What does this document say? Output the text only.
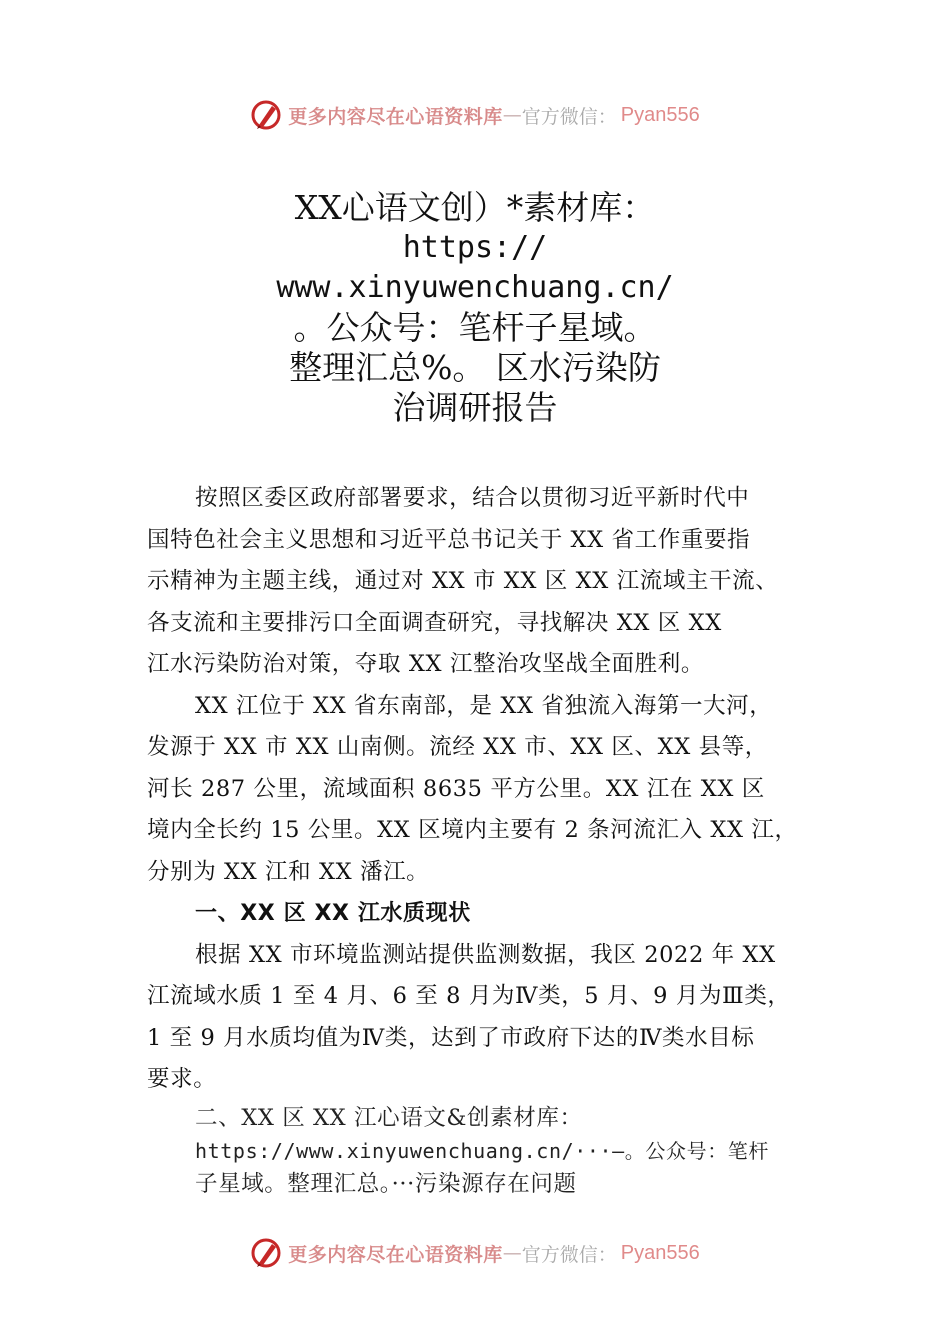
更多内容尽在心语资料库 — 官方微信： Pyan556
XX心语文创）*素材库：
https://
www.xinyuwenchuang.cn/
。公众号：笔杆子星域。
整理汇总%。 区水污染防
治调研报告

按照区委区政府部署要求，结合以贯彻习近平新时代中
国特色社会主义思想和习近平总书记关于 XX 省工作重要指
示精神为主题主线，通过对 XX 市 XX 区 XX 江流域主干流、
各支流和主要排污口全面调查研究，寻找解决 XX 区 XX
江水污染防治对策，夺取 XX 江整治攻坚战全面胜利。

XX 江位于 XX 省东南部，是 XX 省独流入海第一大河，
发源于 XX 市 XX 山南侧。流经 XX 市、XX 区、XX 县等，
河长 287 公里，流域面积 8635 平方公里。XX 江在 XX 区
境内全长约 15 公里。XX 区境内主要有 2 条河流汇入 XX 江，
分别为 XX 江和 XX 潘江。

一、XX 区 XX 江水质现状

根据 XX 市环境监测站提供监测数据，我区 2022 年 XX
江流域水质 1 至 4 月、6 至 8 月为Ⅳ类，5 月、9 月为Ⅲ类，
1 至 9 月水质均值为Ⅳ类，达到了市政府下达的Ⅳ类水目标
要求。

二、XX 区 XX 江心语文&创素材库：
https://www.xinyuwenchuang.cn/···—。公众号：笔杆
子星域。整理汇总。···污染源存在问题
更多内容尽在心语资料库 — 官方微信： Pyan556
